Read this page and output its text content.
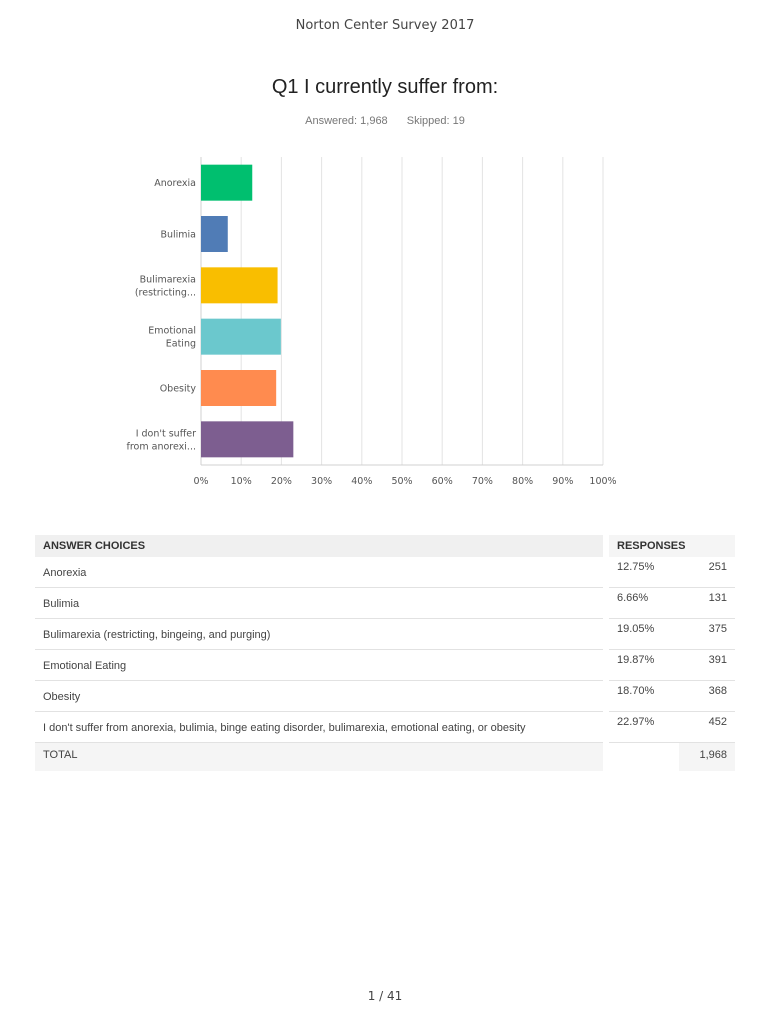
Norton Center Survey 2017
Q1 I currently suffer from:
Answered: 1,968 Skipped: 19
0% 10% 20% 30% 40% 50% 60% 70% 80% 90% 100%
Anorexia
Bulimia
Bulimarexia
(restricting...
Emotional
Eating
Obesity
I don't suffer
from anorexi...
ANSWER CHOICES	RESPONSES	
Anorexia	12.75%	251
Bulimia	6.66%	131
Bulimarexia (restricting, bingeing, and purging)	19.05%	375
Emotional Eating	19.87%	391
Obesity	18.70%	368
I don't suffer from anorexia, bulimia, binge eating disorder, bulimarexia, emotional eating, or obesity	22.97%	452
TOTAL		1,968
1 / 41
